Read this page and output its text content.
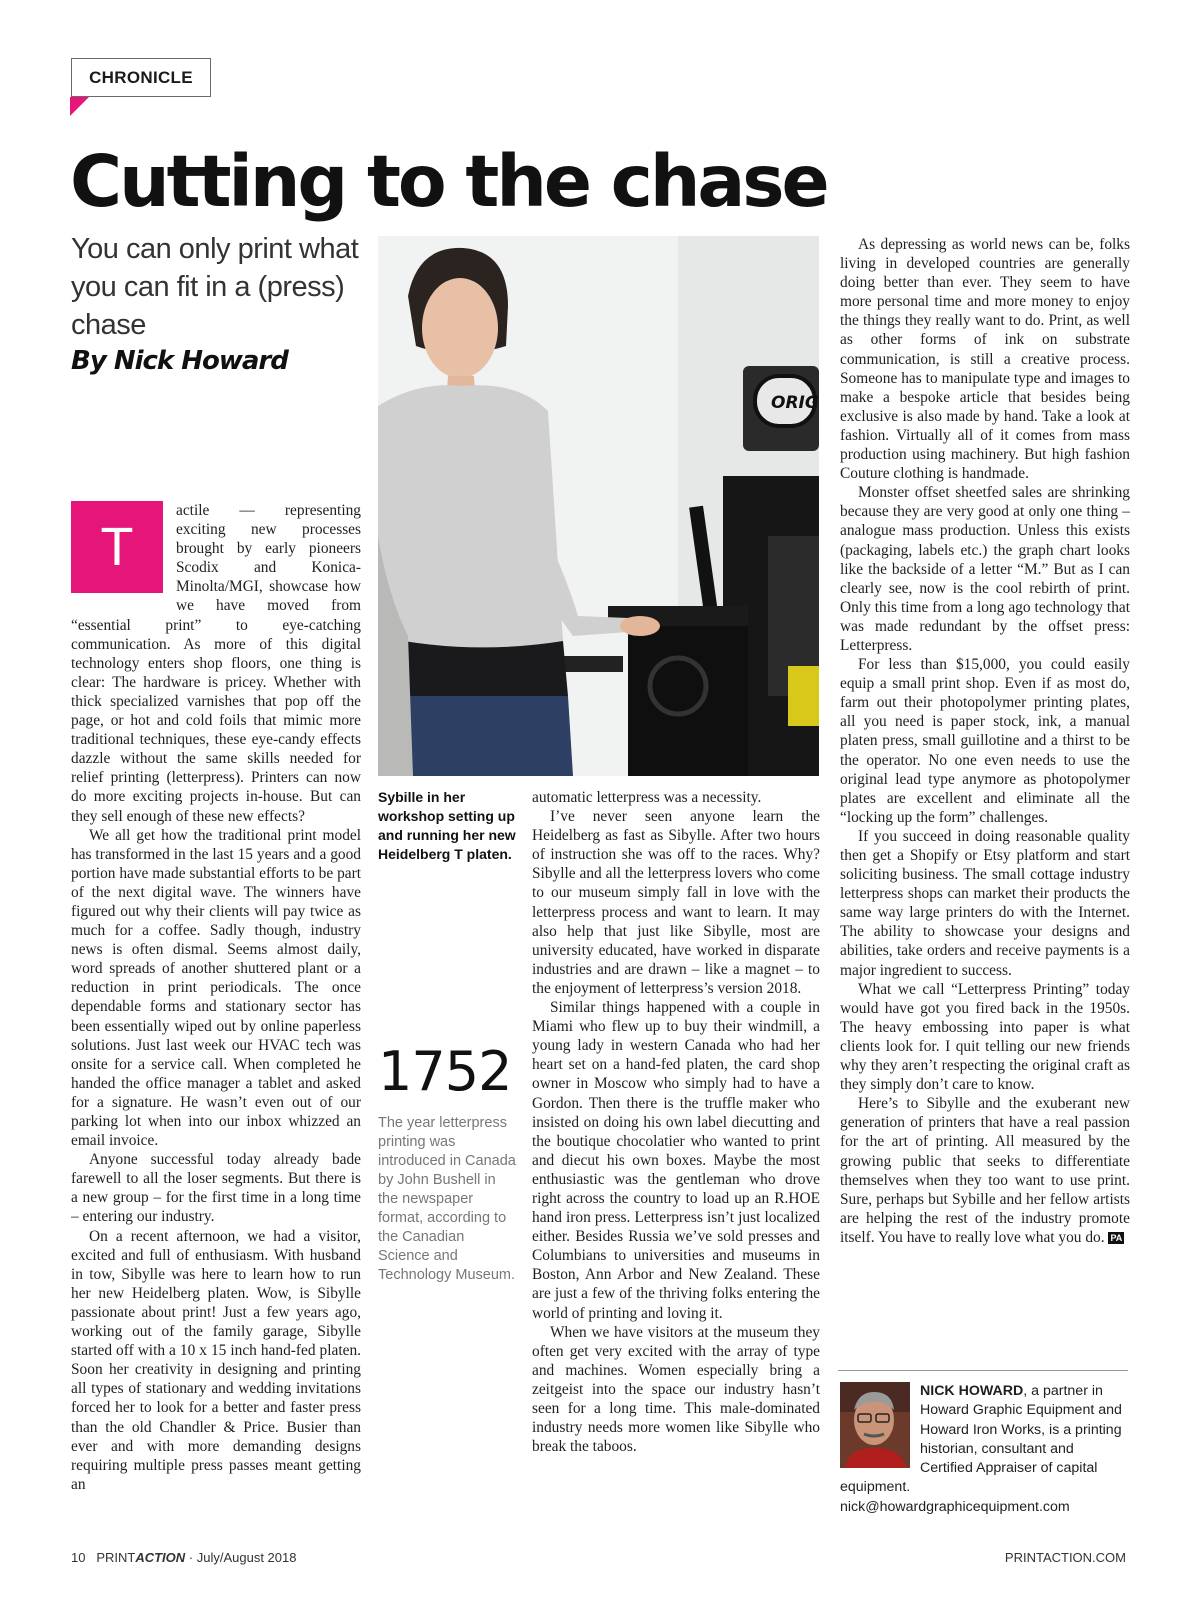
CHRONICLE
Cutting to the chase
You can only print what you can fit in a (press) chase
By Nick Howard
T

actile — representing exciting new processes brought by early pioneers Scodix and Konica-Minolta/MGI, showcase how we have moved from “essential print” to eye-catching communication. As more of this digital technology enters shop floors, one thing is clear: The hardware is pricey. Whether with thick specialized varnishes that pop off the page, or hot and cold foils that mimic more traditional techniques, these eye-candy effects dazzle without the same skills needed for relief printing (letterpress). Printers can now do more exciting projects in-house. But can they sell enough of these new effects?

We all get how the traditional print model has transformed in the last 15 years and a good portion have made substantial efforts to be part of the next digital wave. The winners have figured out why their clients will pay twice as much for a coffee. Sadly though, industry news is often dismal. Seems almost daily, word spreads of another shuttered plant or a reduction in print periodicals. The once dependable forms and stationary sector has been essentially wiped out by online paperless solutions. Just last week our HVAC tech was onsite for a service call. When completed he handed the office manager a tablet and asked for a signature. He wasn’t even out of our parking lot when into our inbox whizzed an email invoice.

Anyone successful today already bade farewell to all the loser segments. But there is a new group – for the first time in a long time – entering our industry.

On a recent afternoon, we had a visitor, excited and full of enthusiasm. With husband in tow, Sibylle was here to learn how to run her new Heidelberg platen. Wow, is Sibylle passionate about print! Just a few years ago, working out of the family garage, Sibylle started off with a 10 x 15 inch hand-fed platen. Soon her creativity in designing and printing all types of stationary and wedding invitations forced her to look for a better and faster press than the old Chandler & Price. Busier than ever and with more demanding designs requiring multiple press passes meant getting an

ORIG
Sybille in her workshop setting up and running her new Heidelberg T platen.
1752
The year letterpress printing was introduced in Canada by John Bushell in the newspaper format, according to the Canadian Science and Technology Museum.

automatic letterpress was a necessity.

I’ve never seen anyone learn the Heidelberg as fast as Sibylle. After two hours of instruction she was off to the races. Why? Sibylle and all the letterpress lovers who come to our museum simply fall in love with the letterpress process and want to learn. It may also help that just like Sibylle, most are university educated, have worked in disparate industries and are drawn – like a magnet – to the enjoyment of letterpress’s version 2018.

Similar things happened with a couple in Miami who flew up to buy their windmill, a young lady in western Canada who had her heart set on a hand-fed platen, the card shop owner in Moscow who simply had to have a Gordon. Then there is the truffle maker who insisted on doing his own label diecutting and the boutique chocolatier who wanted to print and diecut his own boxes. Maybe the most enthusiastic was the gentleman who drove right across the country to load up an R.HOE hand iron press. Letterpress isn’t just localized either. Besides Russia we’ve sold presses and Columbians to universities and museums in Boston, Ann Arbor and New Zealand. These are just a few of the thriving folks entering the world of printing and loving it.

When we have visitors at the museum they often get very excited with the array of type and machines. Women especially bring a zeitgeist into the space our industry hasn’t seen for a long time. This male-dominated industry needs more women like Sibylle who break the taboos.

As depressing as world news can be, folks living in developed countries are generally doing better than ever. They seem to have more personal time and more money to enjoy the things they really want to do. Print, as well as other forms of ink on substrate communication, is still a creative process. Someone has to manipulate type and images to make a bespoke article that besides being exclusive is also made by hand. Take a look at fashion. Virtually all of it comes from mass production using machinery. But high fashion Couture clothing is handmade.

Monster offset sheetfed sales are shrinking because they are very good at only one thing – analogue mass production. Unless this exists (packaging, labels etc.) the graph chart looks like the backside of a letter “M.” But as I can clearly see, now is the cool rebirth of print. Only this time from a long ago technology that was made redundant by the offset press: Letterpress.

For less than $15,000, you could easily equip a small print shop. Even if as most do, farm out their photopolymer printing plates, all you need is paper stock, ink, a manual platen press, small guillotine and a thirst to be the operator. No one even needs to use the original lead type anymore as photopolymer plates are excellent and eliminate all the “locking up the form” challenges.

If you succeed in doing reasonable quality then get a Shopify or Etsy platform and start soliciting business. The small cottage industry letterpress shops can market their products the same way large printers do with the Internet. The ability to showcase your designs and abilities, take orders and receive payments is a major ingredient to success.

What we call “Letterpress Printing” today would have got you fired back in the 1950s. The heavy embossing into paper is what clients look for. I quit telling our new friends why they aren’t respecting the original craft as they simply don’t care to know.

Here’s to Sibylle and the exuberant new generation of printers that have a real passion for the art of printing. All measured by the growing public that seeks to differentiate themselves when they too want to use print. Sure, perhaps but Sybille and her fellow artists are helping the rest of the industry promote itself. You have to really love what you do. PA

NICK HOWARD, a partner in Howard Graphic Equipment and Howard Iron Works, is a printing historian, consultant and Certified Appraiser of capital equipment.
nick@howardgraphicequipment.com
10 PRINTACTION · July/August 2018	PRINTACTION.COM
